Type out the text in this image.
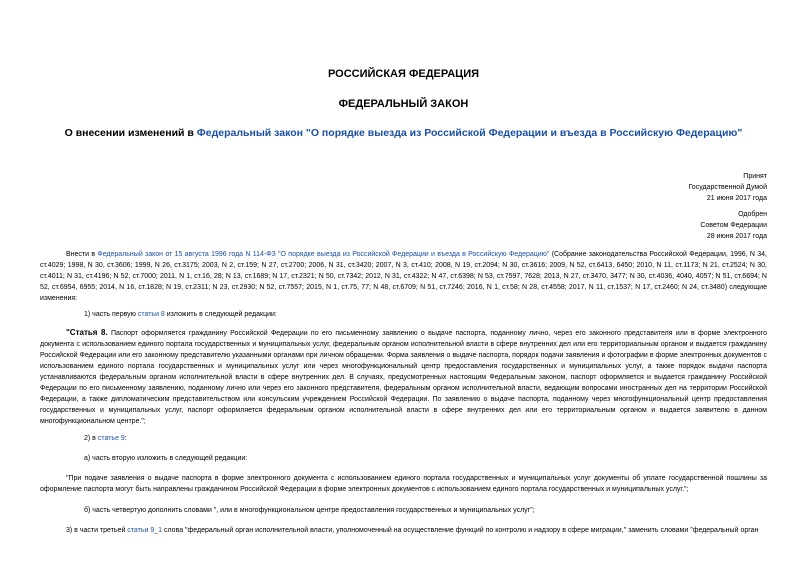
РОССИЙСКАЯ ФЕДЕРАЦИЯ
ФЕДЕРАЛЬНЫЙ ЗАКОН
О внесении изменений в Федеральный закон "О порядке выезда из Российской Федерации и въезда в Российскую Федерацию"
Принят
Государственной Думой
21 июня 2017 года
Одобрен
Советом Федерации
28 июня 2017 года
Внести в Федеральный закон от 15 августа 1996 года N 114-ФЗ "О порядке выезда из Российской Федерации и въезда в Российскую Федерацию" (Собрание законодательства Российской Федерации, 1996, N 34, ст.4029; 1998, N 30, ст.3606; 1999, N 26, ст.3175; 2003, N 2, ст.159; N 27, ст.2700; 2006, N 31, ст.3420; 2007, N 3, ст.410; 2008, N 19, ст.2094; N 30, ст.3616; 2009, N 52, ст.6413, 6450; 2010, N 11, ст.1173; N 21, ст.2524; N 30, ст.4011; N 31, ст.4196; N 52, ст.7000; 2011, N 1, ст.16, 28; N 13, ст.1689; N 17, ст.2321; N 50, ст.7342; 2012, N 31, ст.4322; N 47, ст.6398; N 53, ст.7597, 7628; 2013, N 27, ст.3470, 3477; N 30, ст.4036, 4040, 4057; N 51, ст.6694; N 52, ст.6954, 6955; 2014, N 16, ст.1828; N 19, ст.2311; N 23, ст.2930; N 52, ст.7557; 2015, N 1, ст.75, 77; N 48, ст.6709; N 51, ст.7246; 2016, N 1, ст.58; N 28, ст.4558; 2017, N 11, ст.1537; N 17, ст.2460; N 24, ст.3480) следующие изменения:
1) часть первую статьи 8 изложить в следующей редакции:
"Статья 8. Паспорт оформляется гражданину Российской Федерации по его письменному заявлению о выдаче паспорта, поданному лично, через его законного представителя или в форме электронного документа с использованием единого портала государственных и муниципальных услуг, федеральным органом исполнительной власти в сфере внутренних дел или его территориальным органом и выдается гражданину Российской Федерации или его законному представителю указанными органами при личном обращении. Форма заявления о выдаче паспорта, порядок подачи заявления и фотографии в форме электронных документов с использованием единого портала государственных и муниципальных услуг или через многофункциональный центр предоставления государственных и муниципальных услуг, а также порядок выдачи паспорта устанавливаются федеральным органом исполнительной власти в сфере внутренних дел. В случаях, предусмотренных настоящим Федеральным законом, паспорт оформляется и выдается гражданину Российской Федерации по его письменному заявлению, поданному лично или через его законного представителя, федеральным органом исполнительной власти, ведающим вопросами иностранных дел на территории Российской Федерации, а также дипломатическим представительством или консульским учреждением Российской Федерации. По заявлению о выдаче паспорта, поданному через многофункциональный центр предоставления государственных и муниципальных услуг, паспорт оформляется федеральным органом исполнительной власти в сфере внутренних дел или его территориальным органом и выдается заявителю в данном многофункциональном центре.";
2) в статье 9:
а) часть вторую изложить в следующей редакции:
"При подаче заявления о выдаче паспорта в форме электронного документа с использованием единого портала государственных и муниципальных услуг документы об уплате государственной пошлины за оформление паспорта могут быть направлены гражданином Российской Федерации в форме электронных документов с использованием единого портала государственных и муниципальных услуг.";
б) часть четвертую дополнить словами ", или в многофункциональном центре предоставления государственных и муниципальных услуг";
3) в части третьей статьи 9_1 слова "федеральный орган исполнительной власти, уполномоченный на осуществление функций по контролю и надзору в сфере миграции," заменить словами "федеральный орган
